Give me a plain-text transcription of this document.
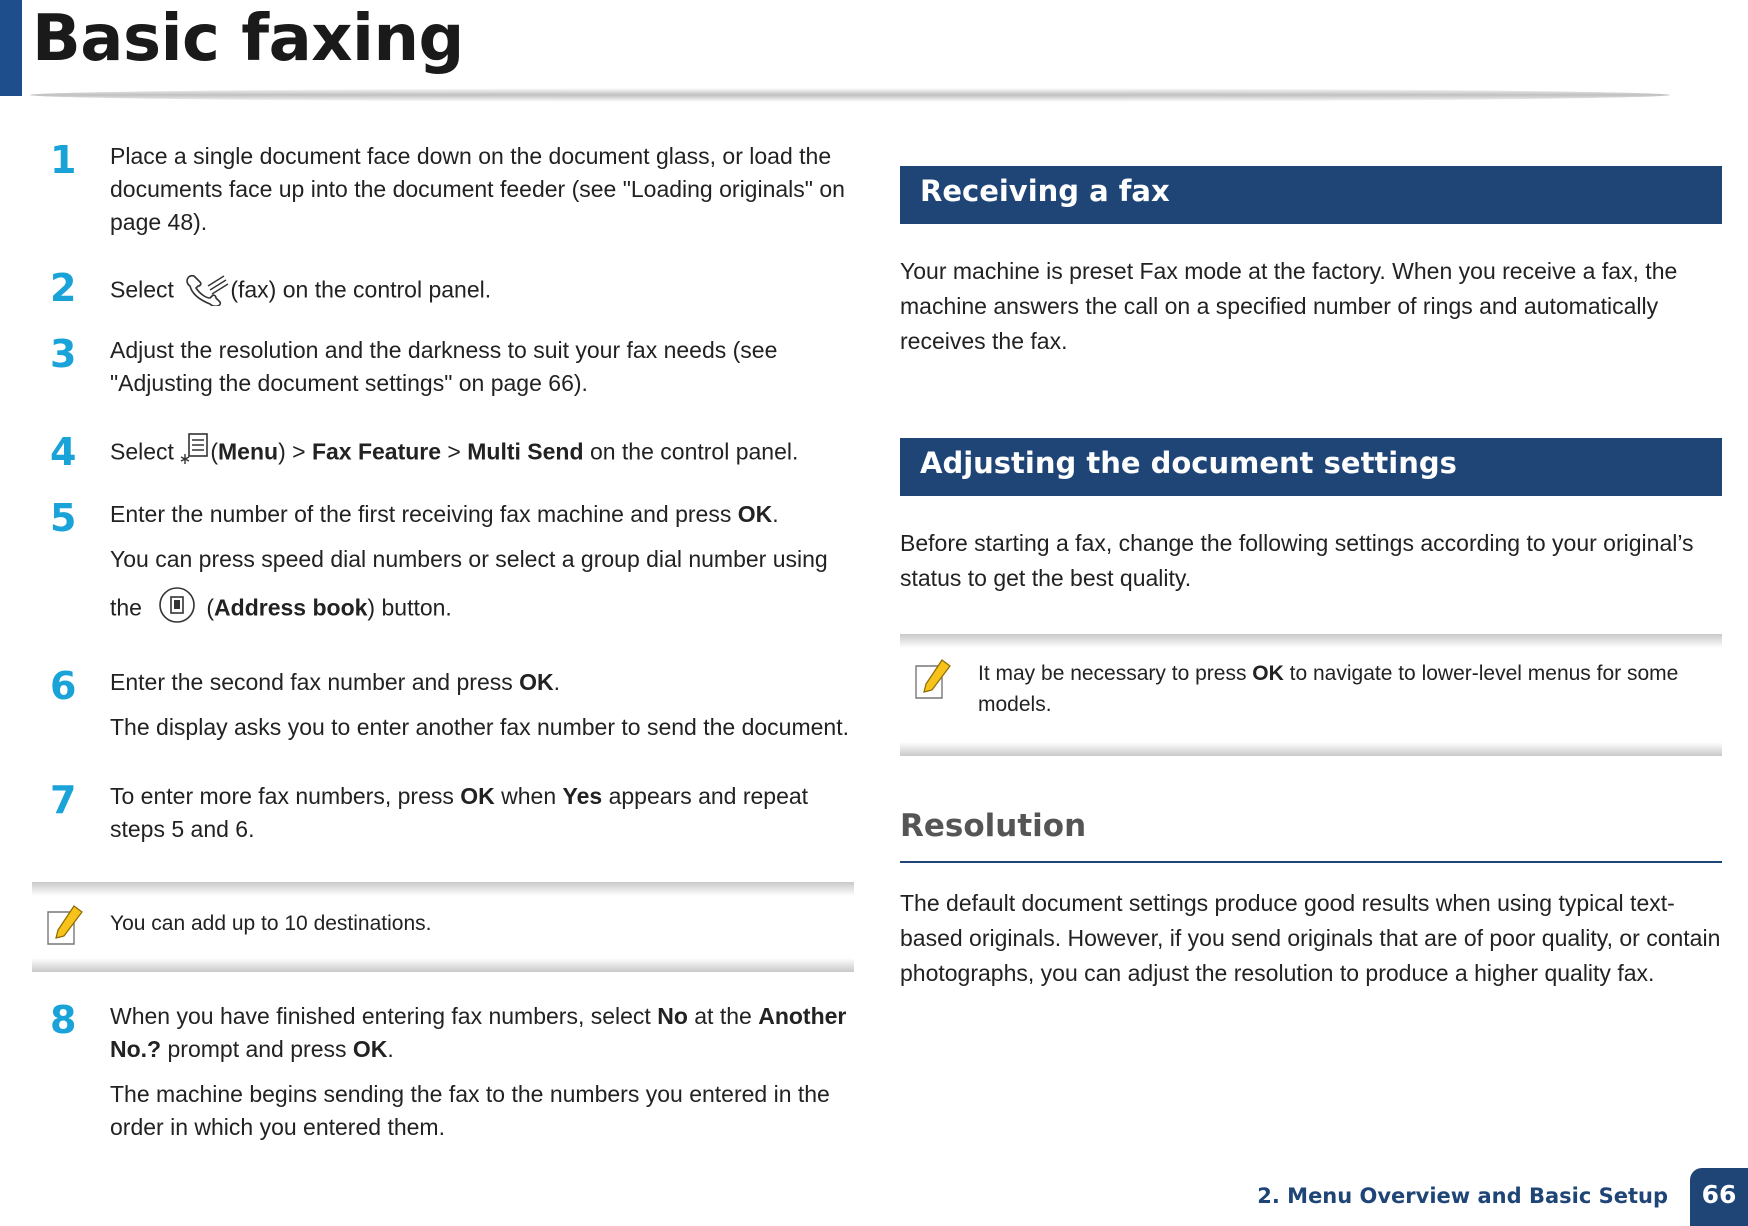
Basic faxing
1	Place a single document face down on the document glass, or load the documents face up into the document feeder (see "Loading originals" on page 48).

2	Select (fax) on the control panel.

3	Adjust the resolution and the darkness to suit your fax needs (see "Adjusting the document settings" on page 66).

4	Select (Menu) > Fax Feature > Multi Send on the control panel.

5	Enter the number of the first receiving fax machine and press OK.

You can press speed dial numbers or select a group dial number using

the	(Address book) button.

6	Enter the second fax number and press OK.

The display asks you to enter another fax number to send the document.

7	To enter more fax numbers, press OK when Yes appears and repeat steps 5 and 6.

You can add up to 10 destinations.
8	When you have finished entering fax numbers, select No at the Another No.? prompt and press OK.

The machine begins sending the fax to the numbers you entered in the order in which you entered them.

Receiving a fax
Your machine is preset Fax mode at the factory. When you receive a fax, the machine answers the call on a specified number of rings and automatically receives the fax.
Adjusting the document settings
Before starting a fax, change the following settings according to your original’s status to get the best quality.
It may be necessary to press OK to navigate to lower-level menus for some models.
Resolution
The default document settings produce good results when using typical text-based originals. However, if you send originals that are of poor quality, or contain photographs, you can adjust the resolution to produce a higher quality fax.
2. Menu Overview and Basic Setup	66
